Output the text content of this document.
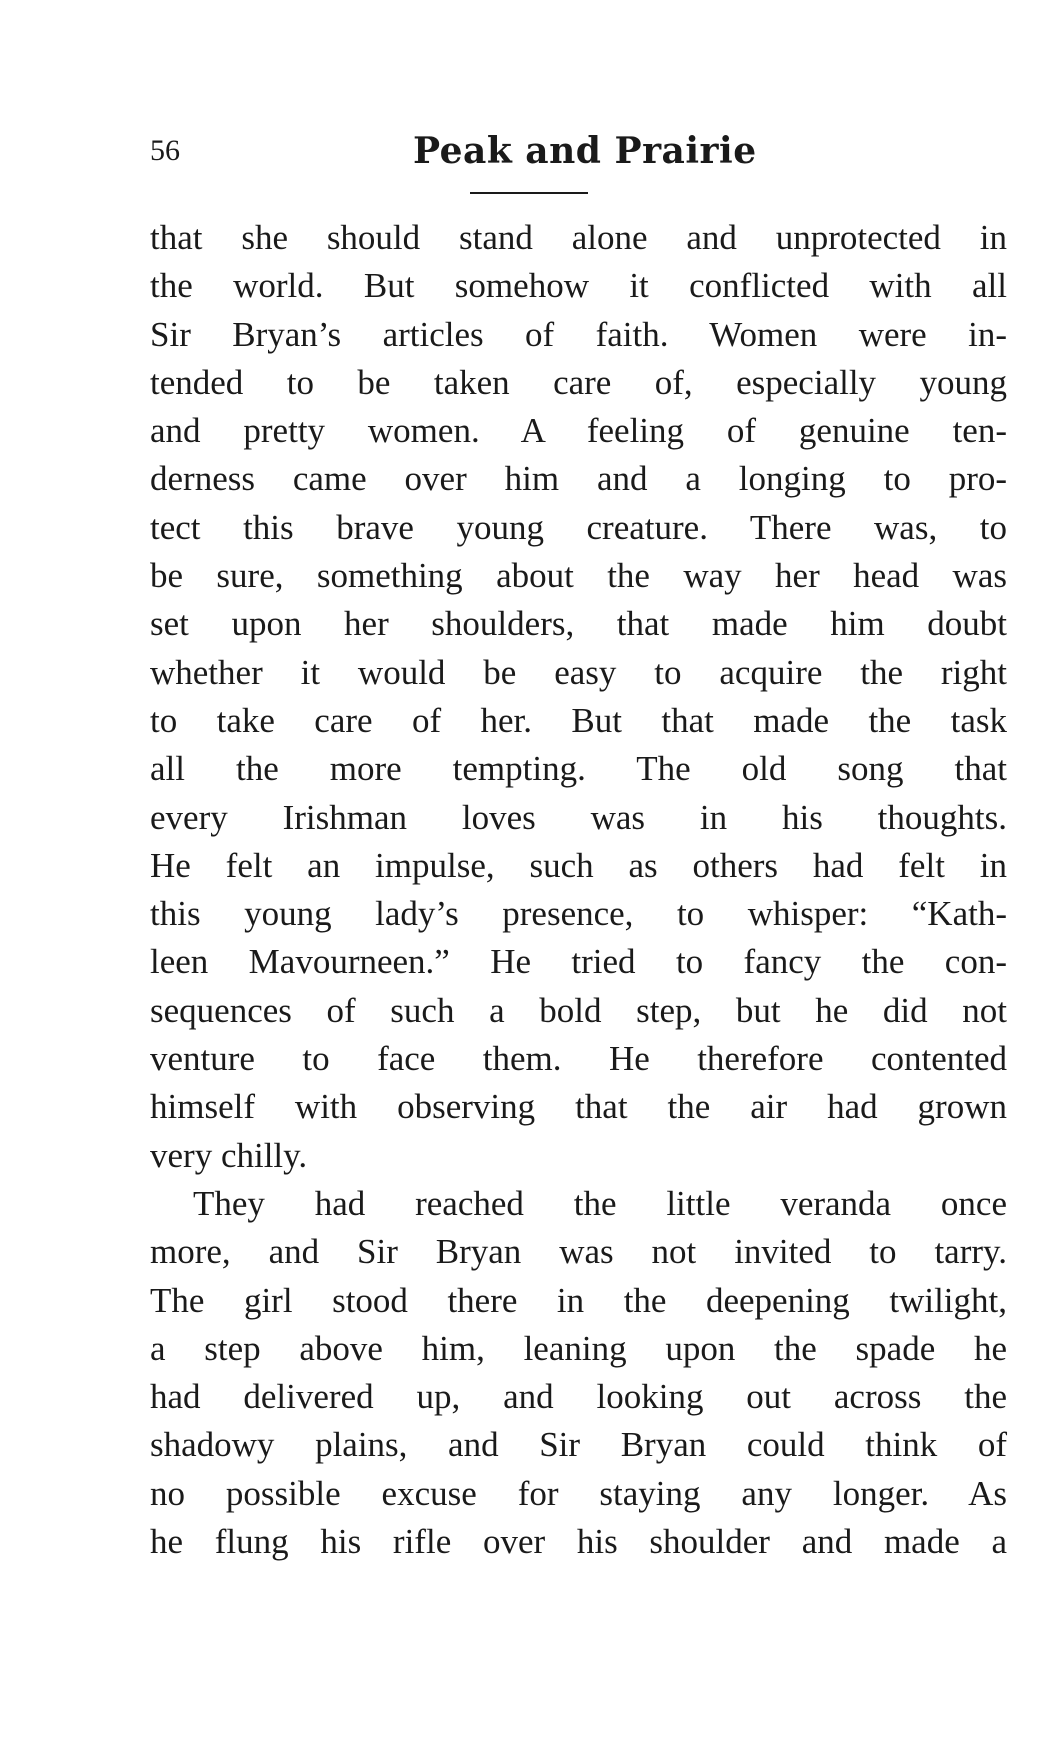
56	Peak and Prairie
that she should stand alone and unprotected in
the world. But somehow it conflicted with all
Sir Bryan’s articles of faith. Women were in-
tended to be taken care of, especially young
and pretty women. A feeling of genuine ten-
derness came over him and a longing to pro-
tect this brave young creature. There was, to
be sure, something about the way her head was
set upon her shoulders, that made him doubt
whether it would be easy to acquire the right
to take care of her. But that made the task
all the more tempting. The old song that
every Irishman loves was in his thoughts.
He felt an impulse, such as others had felt in
this young lady’s presence, to whisper: “Kath-
leen Mavourneen.” He tried to fancy the con-
sequences of such a bold step, but he did not
venture to face them. He therefore contented
himself with observing that the air had grown
very chilly.
They had reached the little veranda once
more, and Sir Bryan was not invited to tarry.
The girl stood there in the deepening twilight,
a step above him, leaning upon the spade he
had delivered up, and looking out across the
shadowy plains, and Sir Bryan could think of
no possible excuse for staying any longer. As
he flung his rifle over his shoulder and made a
